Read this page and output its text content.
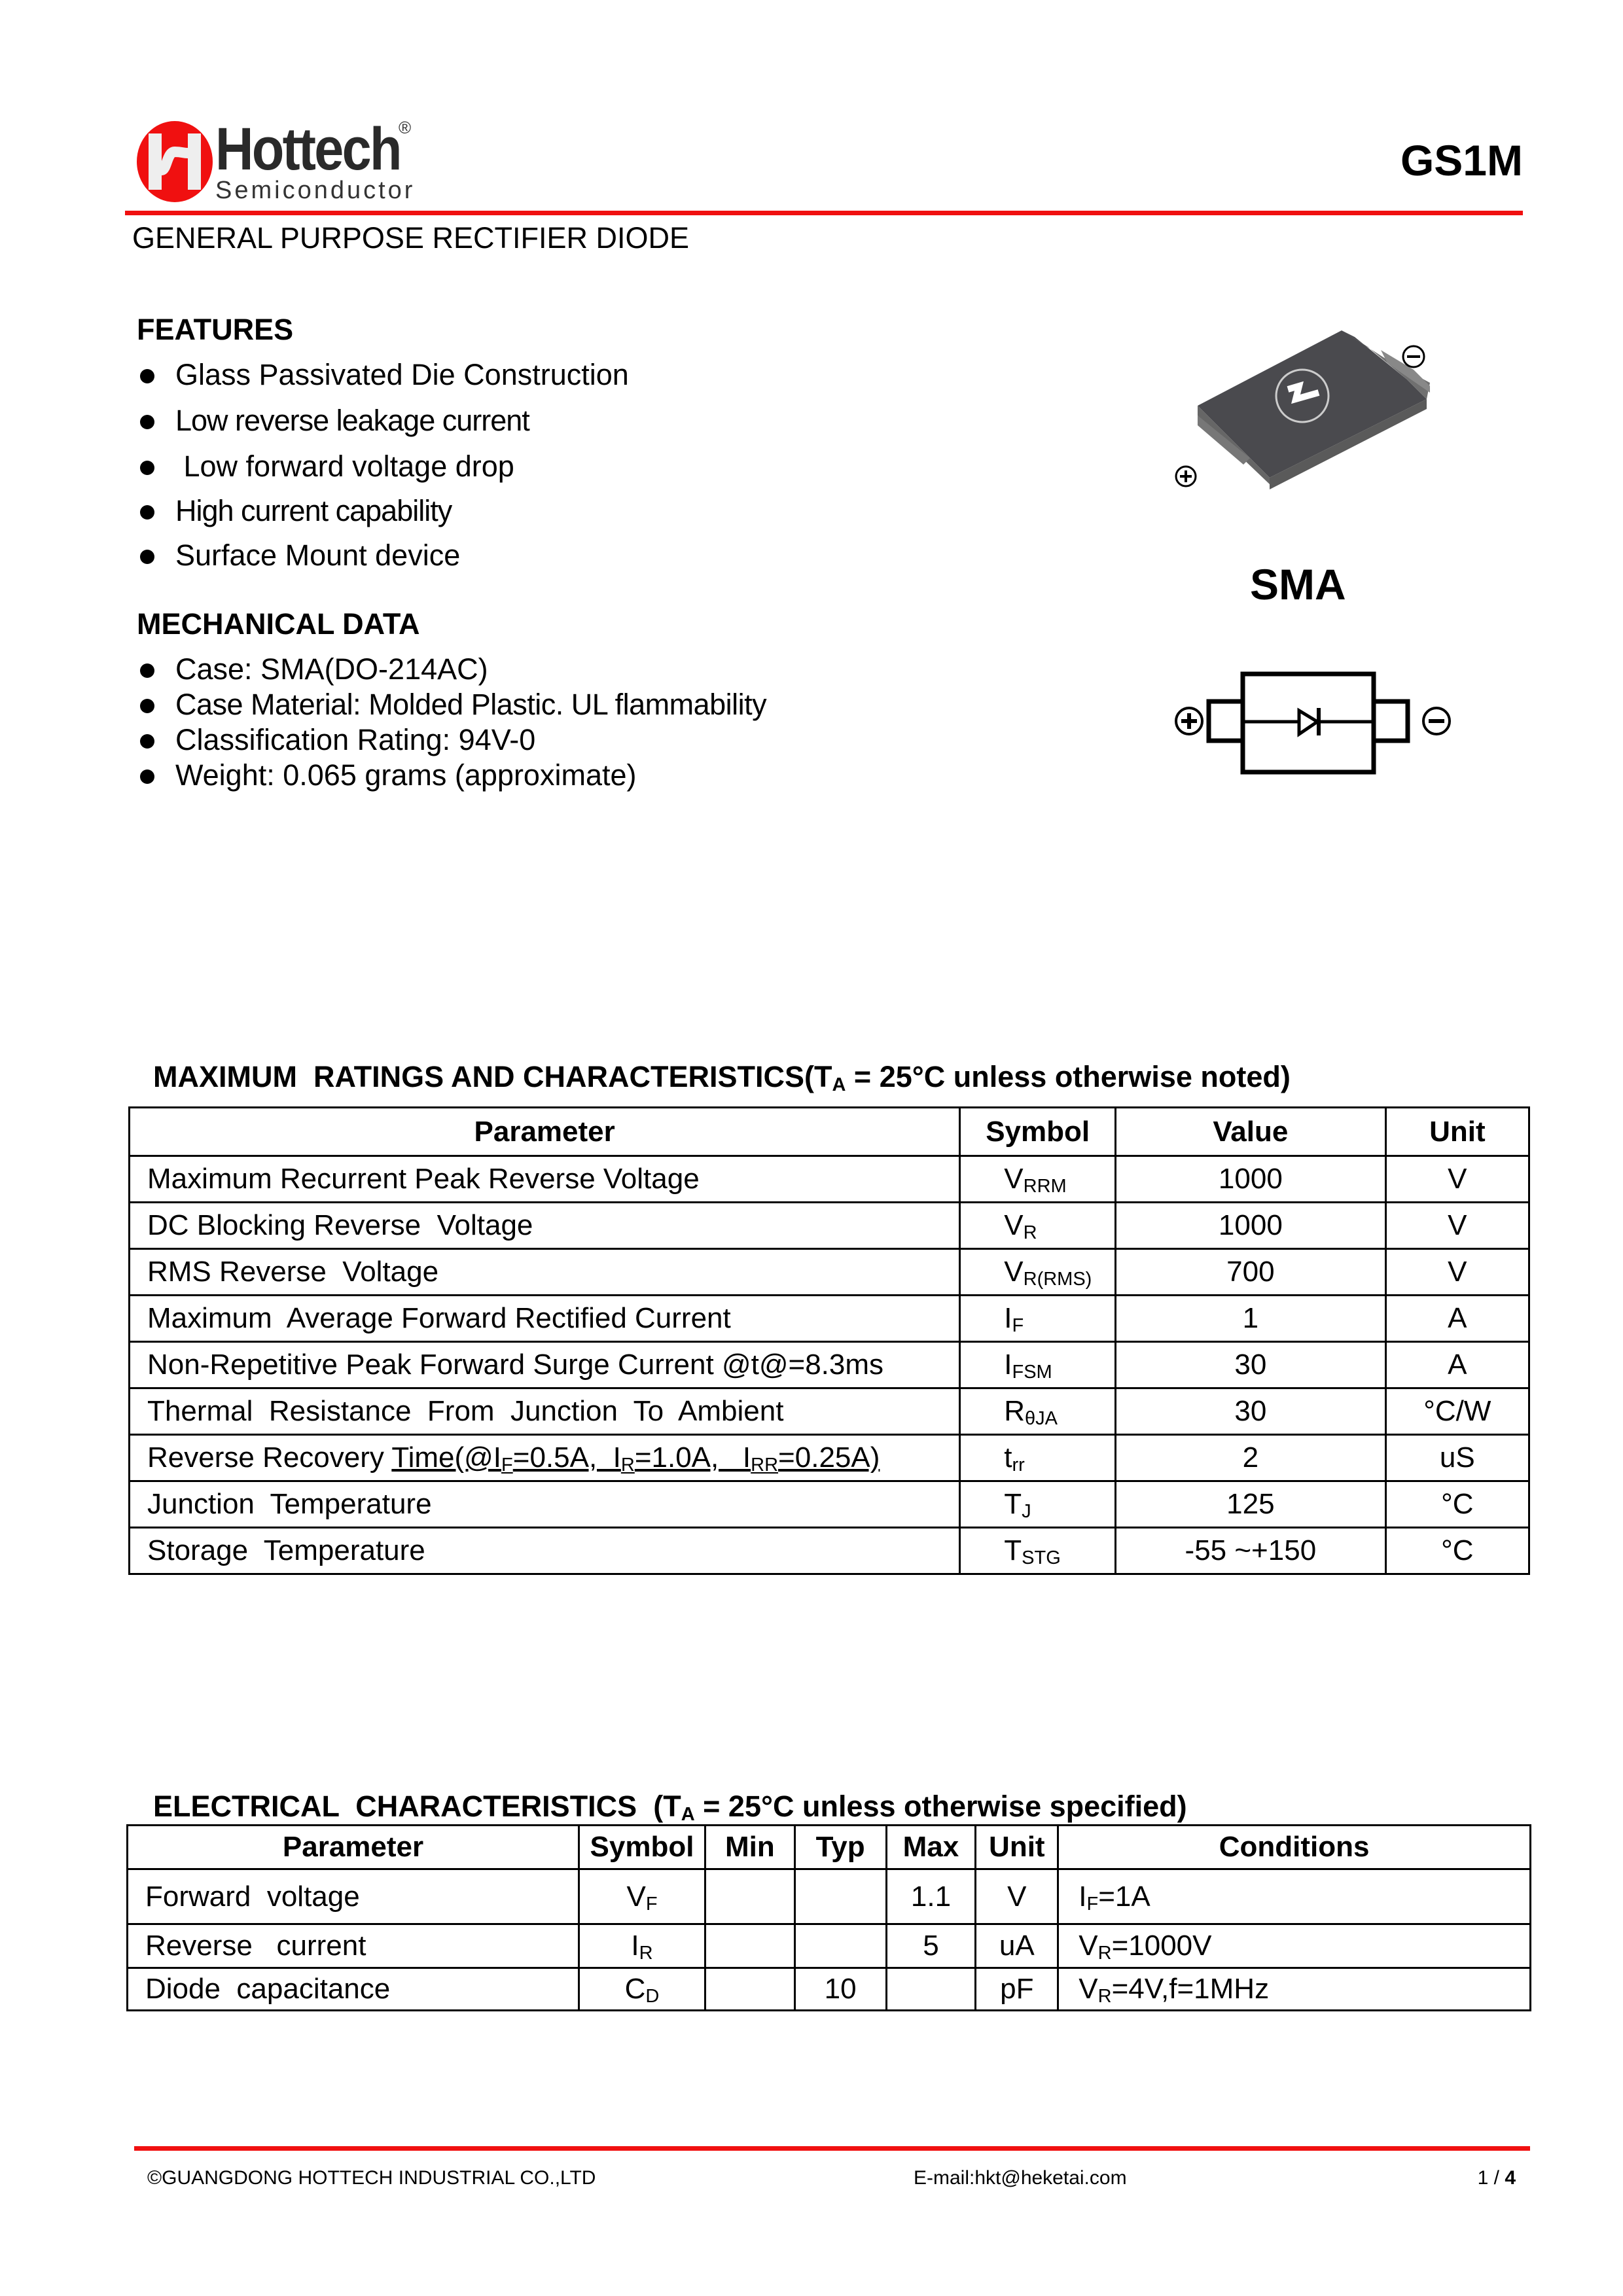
Hottech
®
Semiconductor
GS1M
GENERAL PURPOSE RECTIFIER DIODE
FEATURES
Glass Passivated Die Construction
Low reverse leakage current
Low forward voltage drop
High current capability
Surface Mount device
MECHANICAL DATA
Case: SMA(DO-214AC)
Case Material: Molded Plastic. UL flammability
Classification Rating: 94V-0
Weight: 0.065 grams (approximate)
SMA

MAXIMUM  RATINGS AND $CHARACTERISTICS(T_A = 25^\circ C$ unless otherwise noted)

Parameter	Symbol	Value	Unit
Maximum Recurrent Peak Reverse Voltage	$V_{RRM}$	1000	V
DC Blocking Reverse  Voltage	$V_R$	1000	V
RMS Reverse  Voltage	$V_{R(RMS)}$	700	V
Maximum  Average Forward Rectified Current	$I_F$	1	A
Non-Repetitive Peak Forward Surge Current @t@=8.3ms	$I_{FSM}$	30	A
Thermal  Resistance  From  Junction  To  Ambient	$R_{\theta JA}$	30	°C/W
Reverse Recovery $Time(@I_F=0.5A$,  $I_R=1.0A$,   $I_{RR}=0.25A$)	$t_{rr}$	2	uS
Junction  Temperature	$T_J$	125	°C
Storage  Temperature	$T_{STG}$	-55 ~+150	°C

ELECTRICAL  CHARACTERISTICS  ($T_A = 25^\circ C$ unless otherwise specified)

Parameter	Symbol	Min	Typ	Max	Unit	Conditions
Forward  voltage	$V_F$			1.1	V	$I_F=1A$
Reverse   current	$I_R$			5	uA	$V_R=1000V$
Diode  capacitance	$C_D$		10		pF	$V_R=4V,f=1MHz$
©GUANGDONG HOTTECH INDUSTRIAL CO.,LTD	E-mail:hkt@heketai.com	1 / 4
